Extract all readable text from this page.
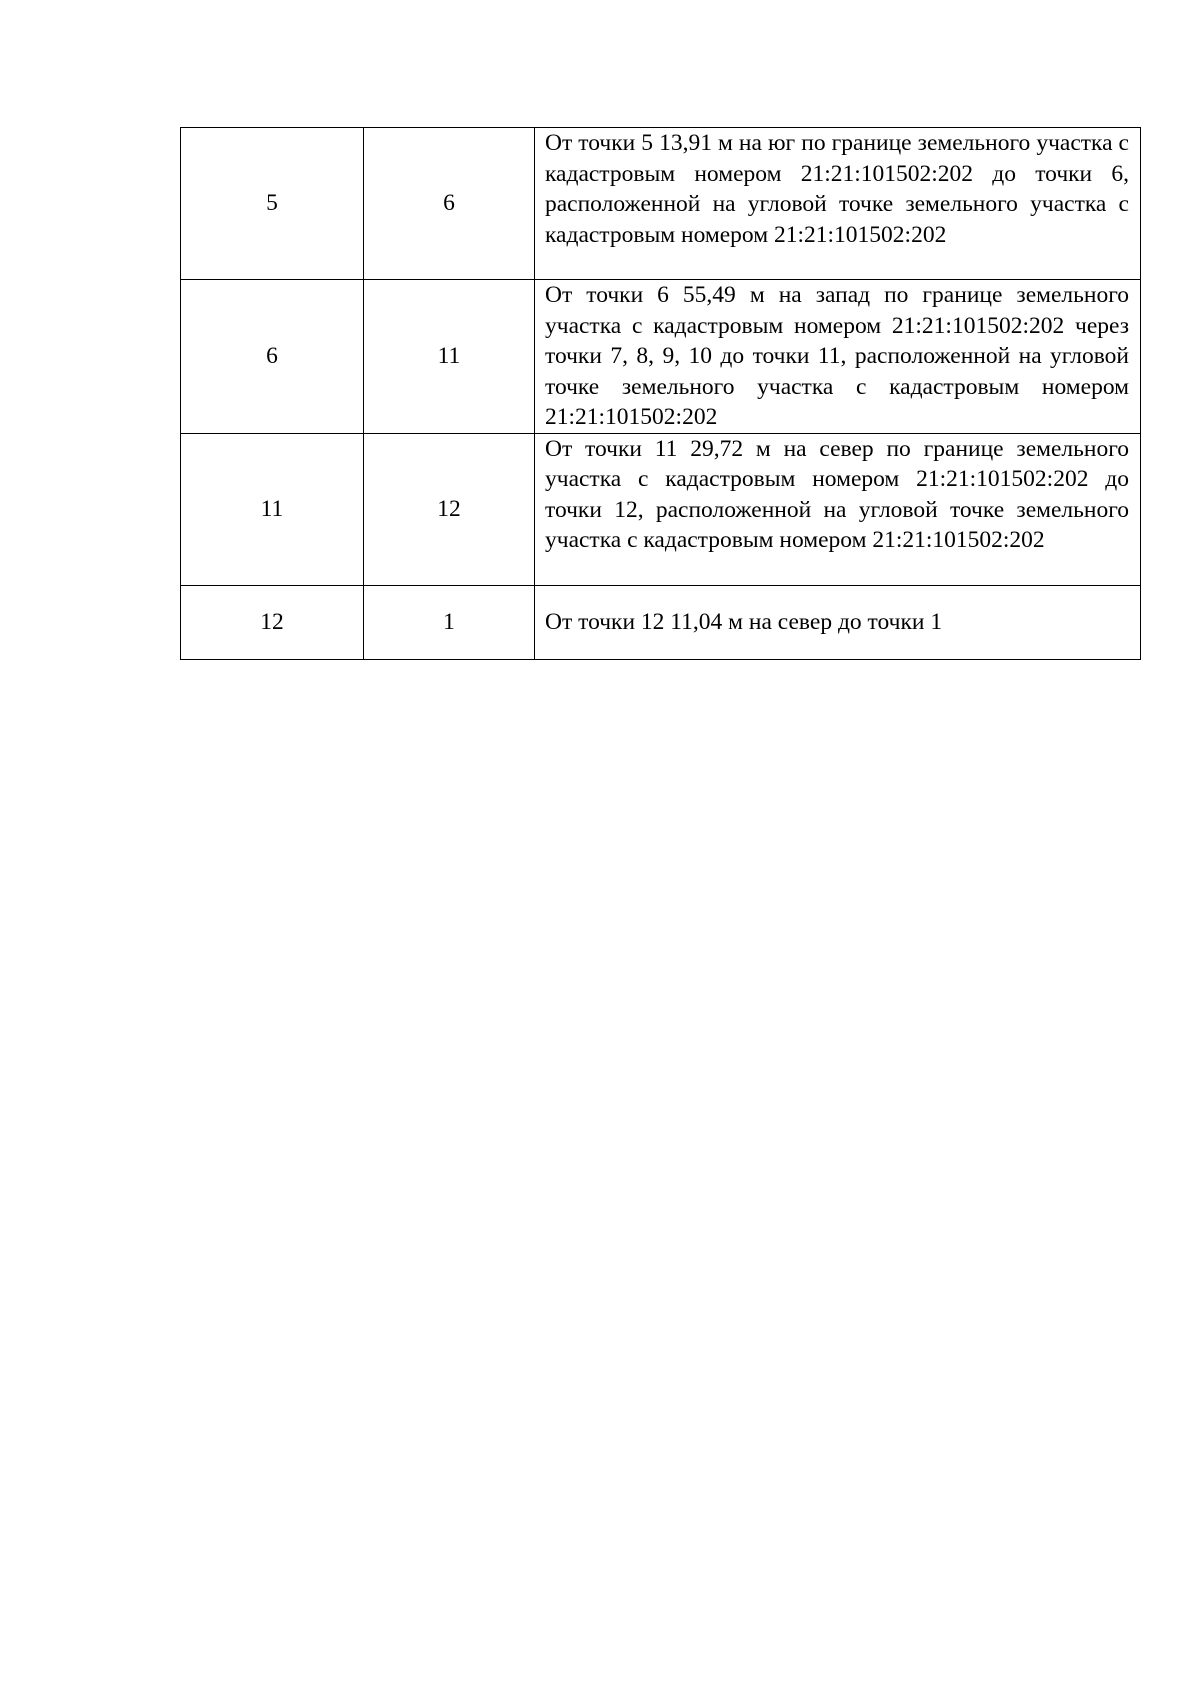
5	6	От точки 5 13,91 м на юг по границе земельного участка с кадастровым номером 21:21:101502:202 до точки 6, расположенной на угловой точке земельного участка с кадастровым номером 21:21:101502:202
6	11	От точки 6 55,49 м на запад по границе земельного участка с кадастровым номером 21:21:101502:202 через точки 7, 8, 9, 10 до точки 11, расположенной на угловой точке земельного участка с кадастровым номером 21:21:101502:202
11	12	От точки 11 29,72 м на север по границе земельного участка с кадастровым номером 21:21:101502:202 до точки 12, расположенной на угловой точке земельного участка с кадастровым номером 21:21:101502:202
12	1	От точки 12 11,04 м на север до точки 1
